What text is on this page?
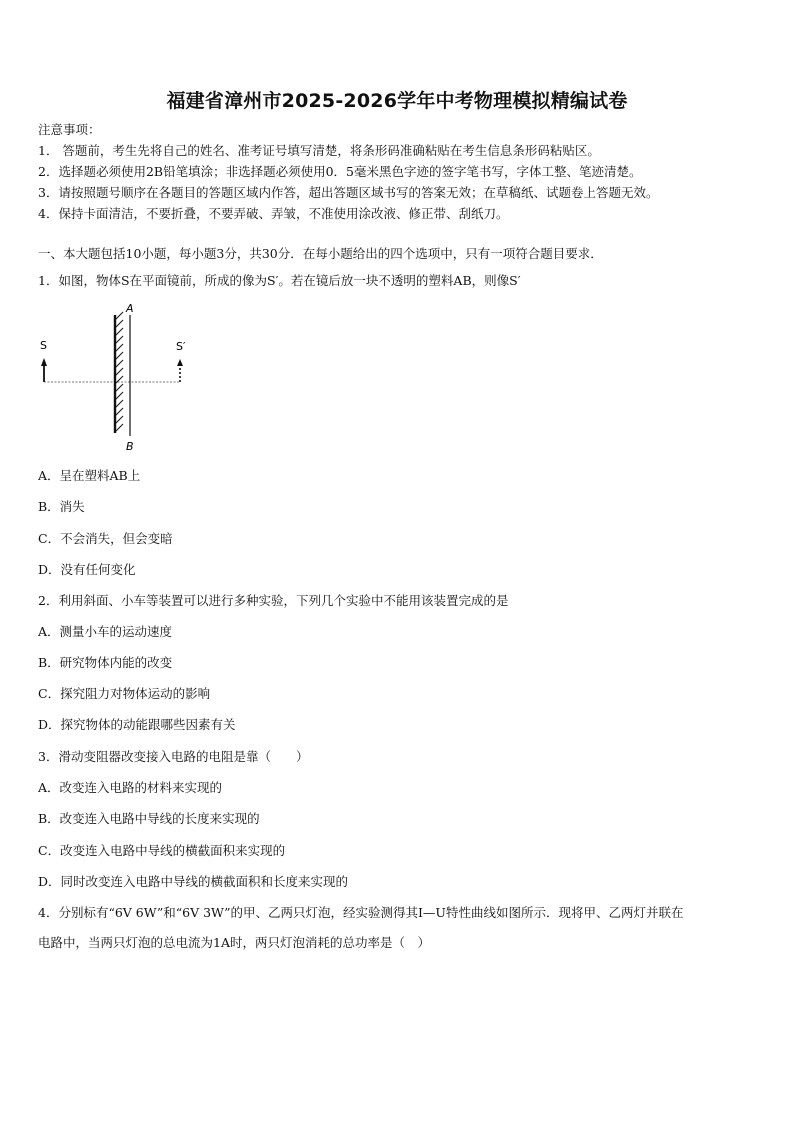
福建省漳州市2025-2026学年中考物理模拟精编试卷
注意事项：
1． 答题前，考生先将自己的姓名、准考证号填写清楚，将条形码准确粘贴在考生信息条形码粘贴区。
2．选择题必须使用2B铅笔填涂；非选择题必须使用0．5毫米黑色字迹的签字笔书写，字体工整、笔迹清楚。
3．请按照题号顺序在各题目的答题区域内作答，超出答题区域书写的答案无效；在草稿纸、试题卷上答题无效。
4．保持卡面清洁，不要折叠，不要弄破、弄皱，不准使用涂改液、修正带、刮纸刀。
一、本大题包括10小题，每小题3分，共30分．在每小题给出的四个选项中，只有一项符合题目要求．
1．如图，物体S在平面镜前，所成的像为S′。若在镜后放一块不透明的塑料AB，则像S′
S	S′
A
B
A．呈在塑料AB上
B．消失
C．不会消失，但会变暗
D．没有任何变化
2．利用斜面、小车等装置可以进行多种实验，下列几个实验中不能用该装置完成的是
A．测量小车的运动速度
B．研究物体内能的改变
C．探究阻力对物体运动的影响
D．探究物体的动能跟哪些因素有关
3．滑动变阻器改变接入电路的电阻是靠（　　）
A．改变连入电路的材料来实现的
B．改变连入电路中导线的长度来实现的
C．改变连入电路中导线的横截面积来实现的
D．同时改变连入电路中导线的横截面积和长度来实现的
4．分别标有“6V 6W”和“6V 3W”的甲、乙两只灯泡，经实验测得其I—U特性曲线如图所示．现将甲、乙两灯并联在
电路中，当两只灯泡的总电流为1A时，两只灯泡消耗的总功率是（　）
